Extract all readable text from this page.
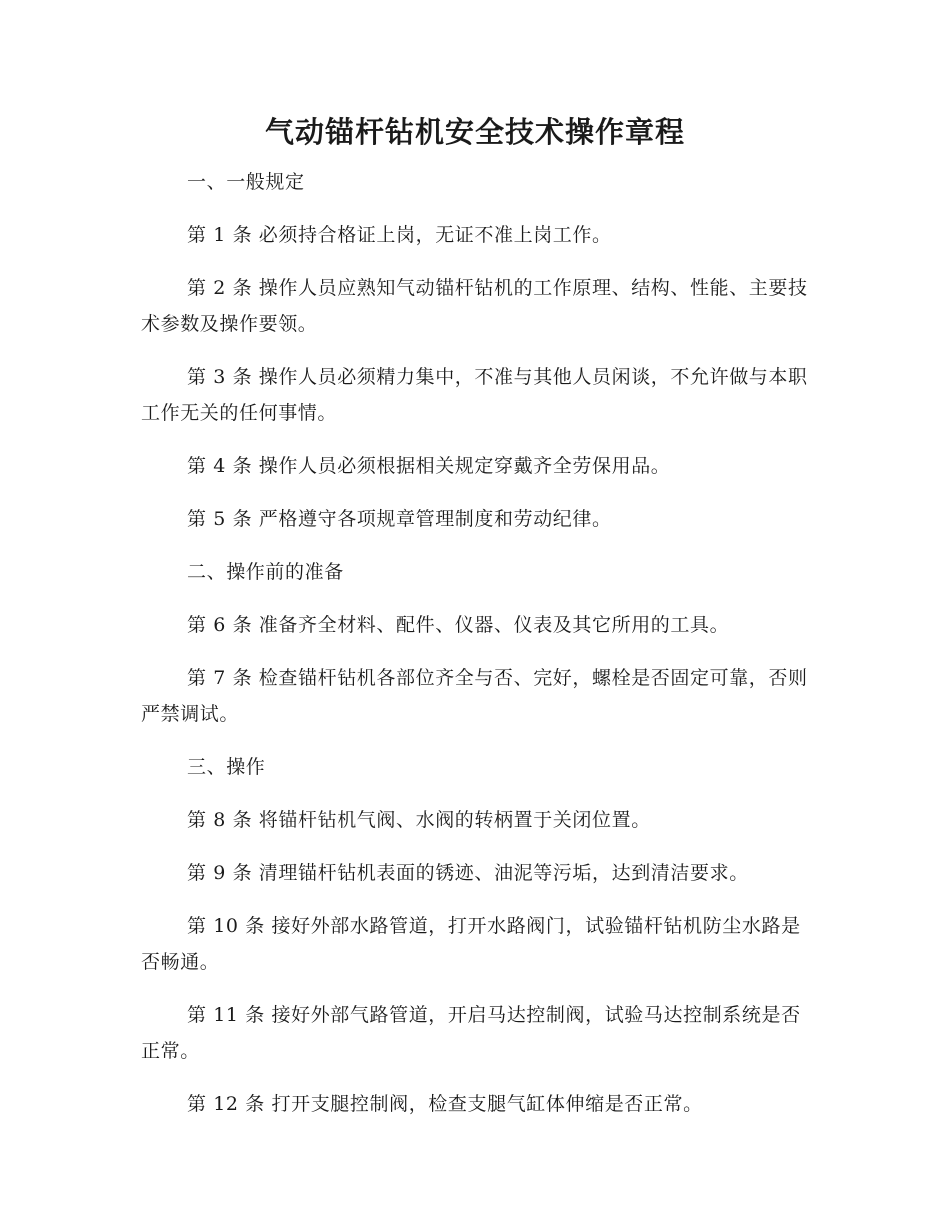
气动锚杆钻机安全技术操作章程

一、一般规定

第 1 条 必须持合格证上岗，无证不准上岗工作。

第 2 条 操作人员应熟知气动锚杆钻机的工作原理、结构、性能、主要技术参数及操作要领。

第 3 条 操作人员必须精力集中，不准与其他人员闲谈，不允许做与本职工作无关的任何事情。

第 4 条 操作人员必须根据相关规定穿戴齐全劳保用品。

第 5 条 严格遵守各项规章管理制度和劳动纪律。

二、操作前的准备

第 6 条 准备齐全材料、配件、仪器、仪表及其它所用的工具。

第 7 条 检查锚杆钻机各部位齐全与否、完好，螺栓是否固定可靠，否则严禁调试。

三、操作

第 8 条 将锚杆钻机气阀、水阀的转柄置于关闭位置。

第 9 条 清理锚杆钻机表面的锈迹、油泥等污垢，达到清洁要求。

第 10 条 接好外部水路管道，打开水路阀门，试验锚杆钻机防尘水路是否畅通。

第 11 条 接好外部气路管道，开启马达控制阀，试验马达控制系统是否正常。

第 12 条 打开支腿控制阀，检查支腿气缸体伸缩是否正常。
